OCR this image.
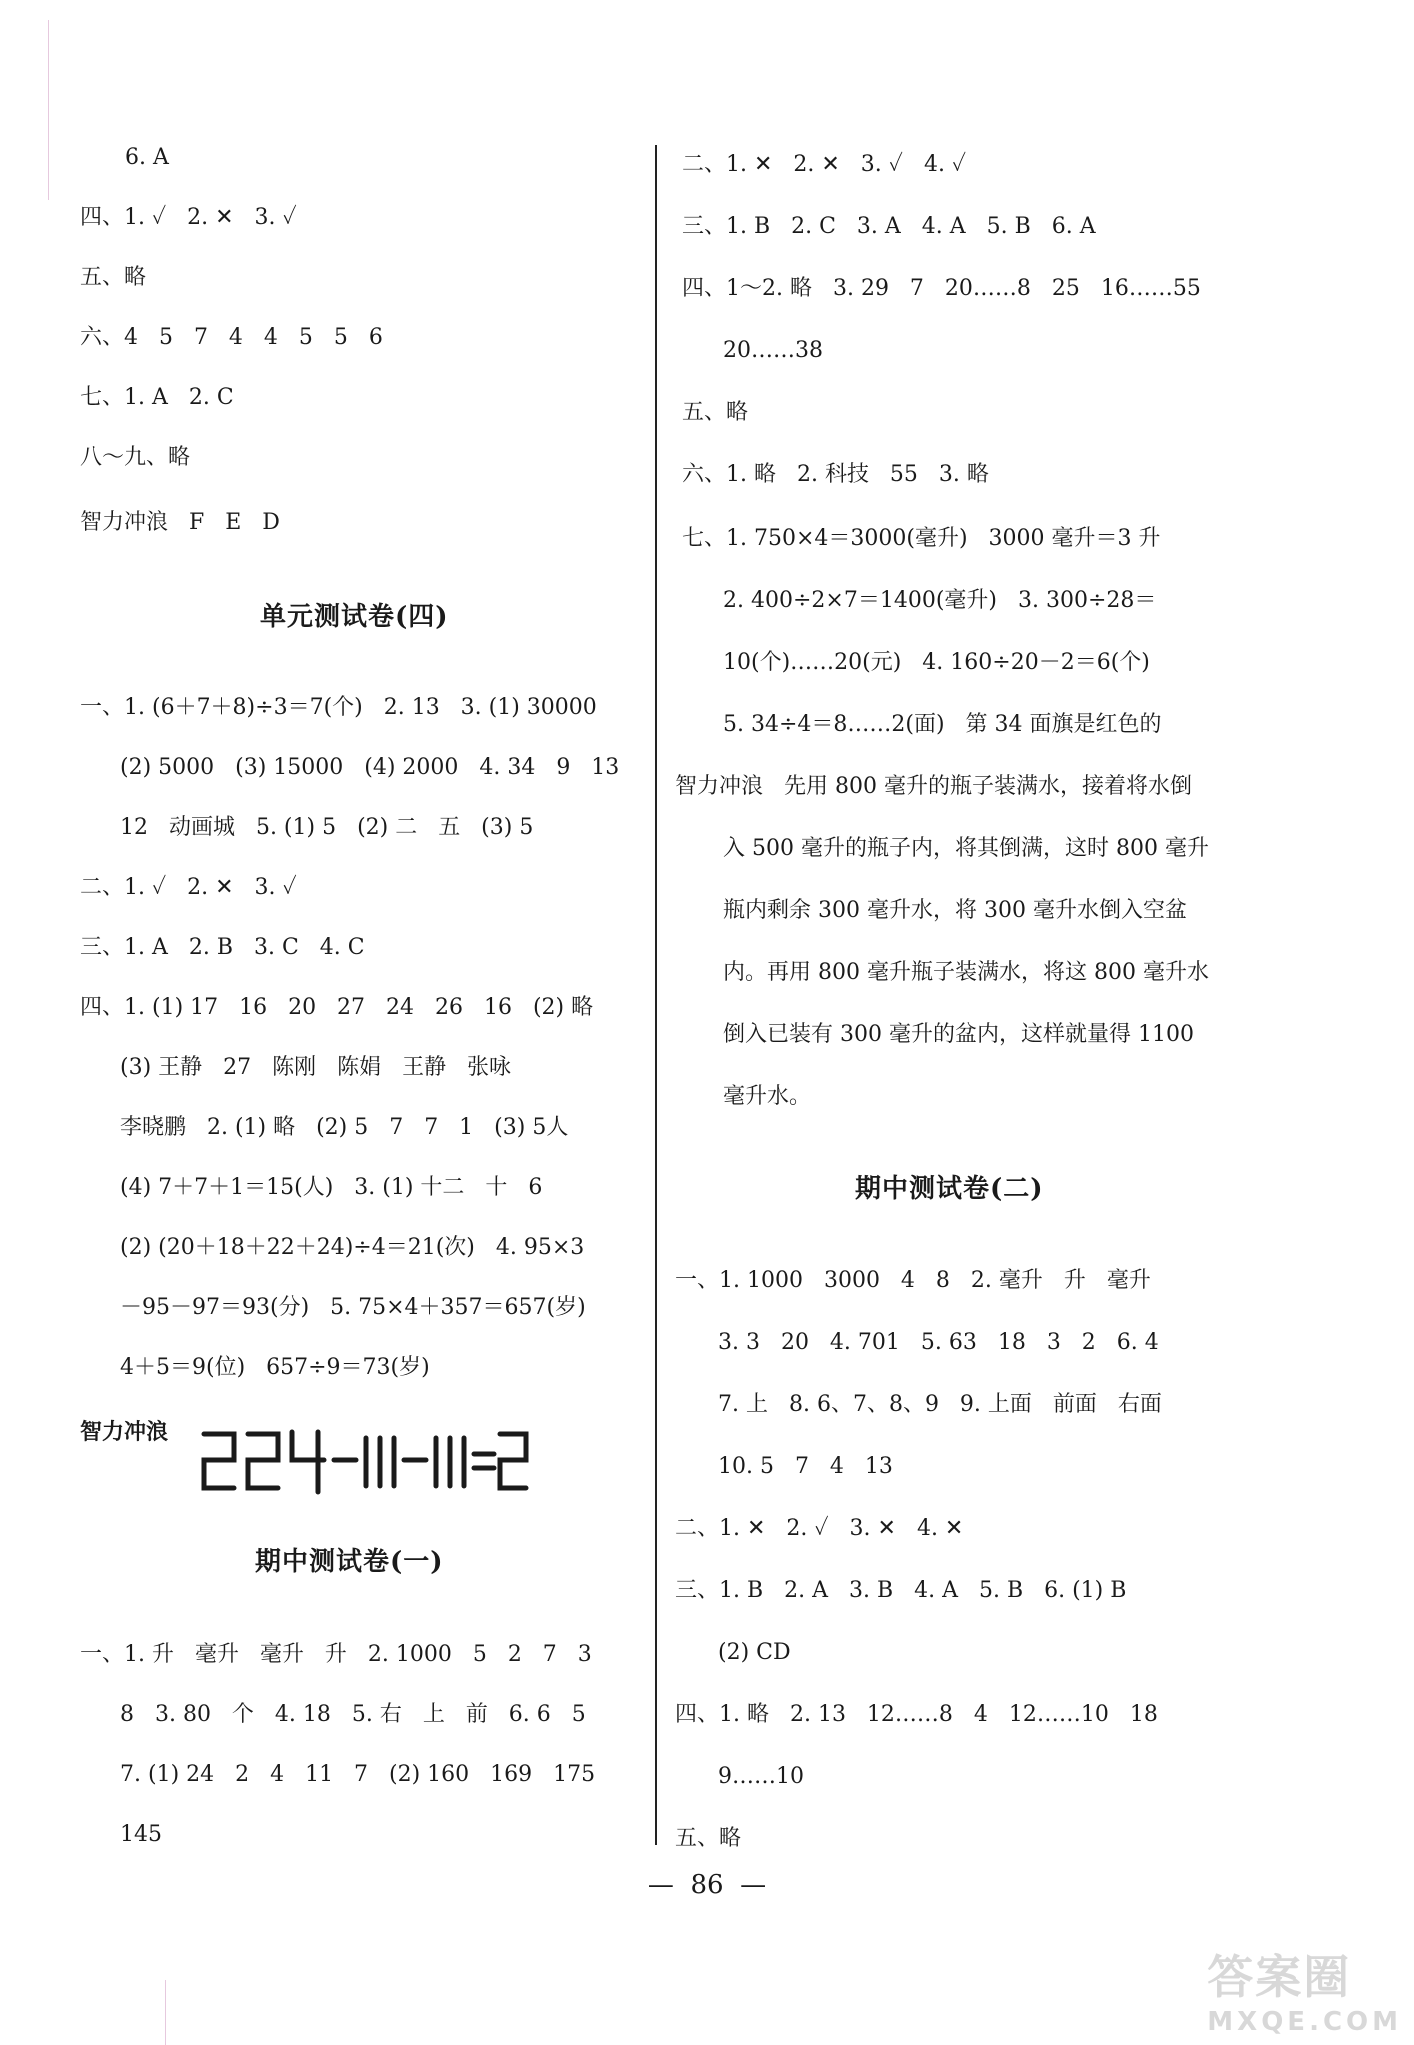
6. A
四、1. ✓   2. ✕   3. ✓
五、略
六、4   5   7   4   4   5   5   6
七、1. A   2. C
八～九、略
智力冲浪   F   E   D
单元测试卷(四)
一、1. (6＋7＋8)÷3＝7(个)   2. 13   3. (1) 30000
(2) 5000   (3) 15000   (4) 2000   4. 34   9   13
12   动画城   5. (1) 5   (2) 二   五   (3) 5
二、1. ✓   2. ✕   3. ✓
三、1. A   2. B   3. C   4. C
四、1. (1) 17   16   20   27   24   26   16   (2) 略
(3) 王静   27   陈刚   陈娟   王静   张咏
李晓鹏   2. (1) 略   (2) 5   7   7   1   (3) 5人
(4) 7＋7＋1＝15(人)   3. (1) 十二   十   6
(2) (20＋18＋22＋24)÷4＝21(次)   4. 95×3
－95－97＝93(分)   5. 75×4＋357＝657(岁)
4＋5＝9(位)   657÷9＝73(岁)
智力冲浪
期中测试卷(一)
一、1. 升   毫升   毫升   升   2. 1000   5   2   7   3
8   3. 80   个   4. 18   5. 右   上   前   6. 6   5
7. (1) 24   2   4   11   7   (2) 160   169   175
145
二、1. ✕   2. ✕   3. ✓   4. ✓
三、1. B   2. C   3. A   4. A   5. B   6. A
四、1～2. 略   3. 29   7   20……8   25   16……55
20……38
五、略
六、1. 略   2. 科技   55   3. 略
七、1. 750×4＝3000(毫升)   3000 毫升＝3 升
2. 400÷2×7＝1400(毫升)   3. 300÷28＝
10(个)……20(元)   4. 160÷20－2＝6(个)
5. 34÷4＝8……2(面)   第 34 面旗是红色的
智力冲浪   先用 800 毫升的瓶子装满水，接着将水倒
入 500 毫升的瓶子内，将其倒满，这时 800 毫升
瓶内剩余 300 毫升水，将 300 毫升水倒入空盆
内。再用 800 毫升瓶子装满水，将这 800 毫升水
倒入已装有 300 毫升的盆内，这样就量得 1100
毫升水。
期中测试卷(二)
一、1. 1000   3000   4   8   2. 毫升   升   毫升
3. 3   20   4. 701   5. 63   18   3   2   6. 4
7. 上   8. 6、7、8、9   9. 上面   前面   右面
10. 5   7   4   13
二、1. ✕   2. ✓   3. ✕   4. ✕
三、1. B   2. A   3. B   4. A   5. B   6. (1) B
(2) CD
四、1. 略   2. 13   12……8   4   12……10   18
9……10
五、略
—  86  —
答案圈
MXQE.COM
